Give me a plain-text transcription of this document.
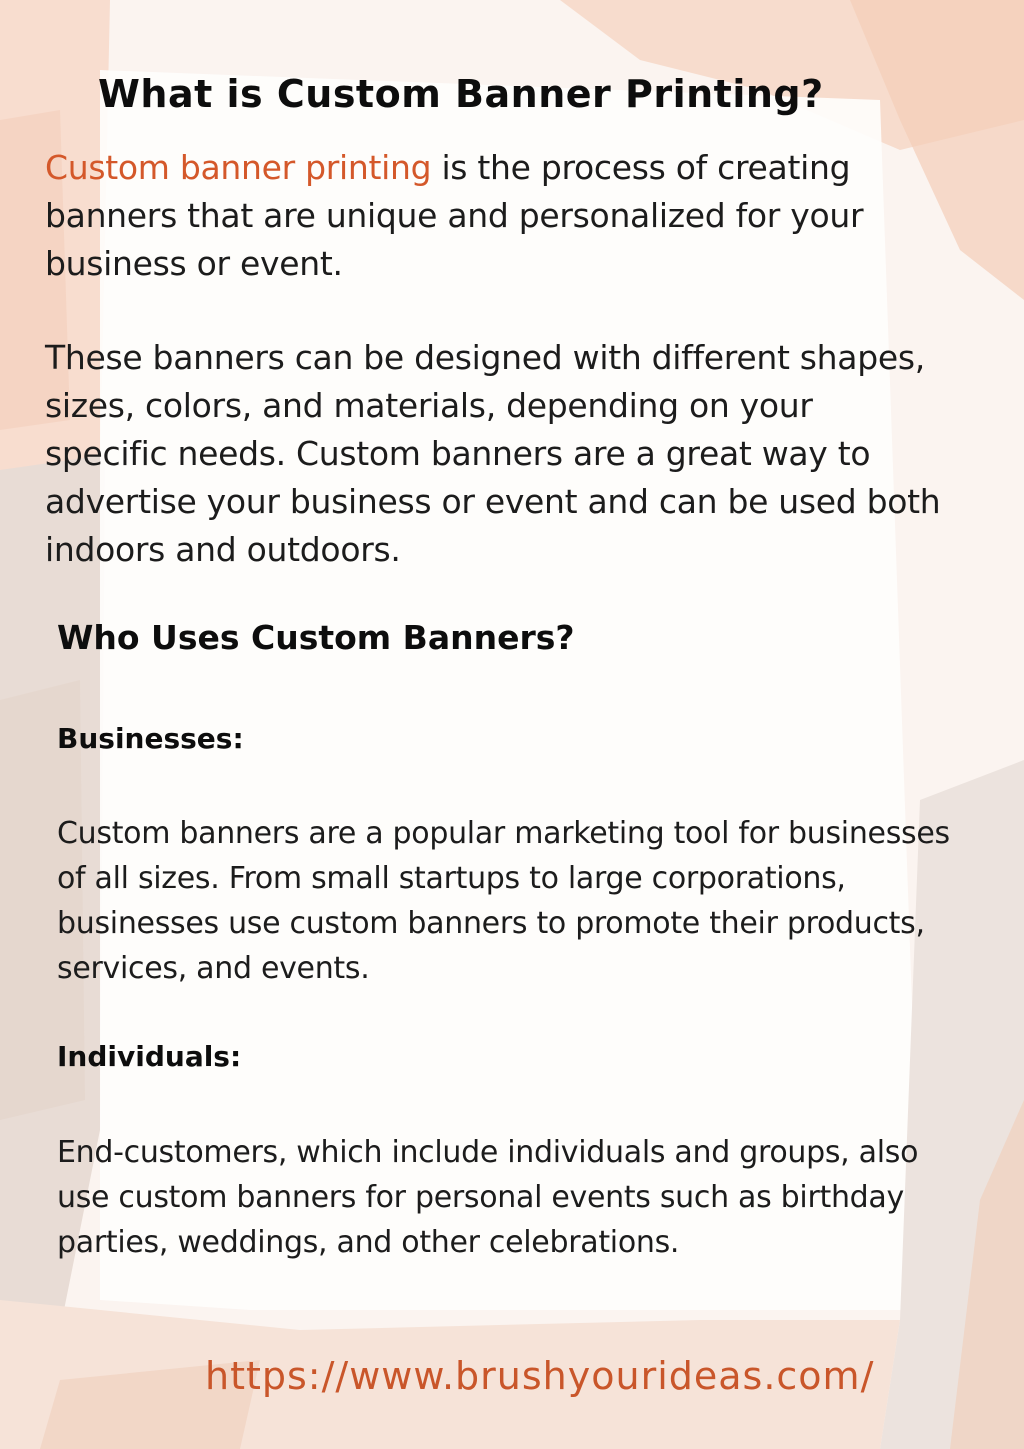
What is Custom Banner Printing?

Custom banner printing is the process of creating banners that are unique and personalized for your business or event.

These banners can be designed with different shapes, sizes, colors, and materials, depending on your specific needs. Custom banners are a great way to advertise your business or event and can be used both indoors and outdoors.

Who Uses Custom Banners?
Businesses:

Custom banners are a popular marketing tool for businesses of all sizes. From small startups to large corporations, businesses use custom banners to promote their products, services, and events.

Individuals:

End-customers, which include individuals and groups, also use custom banners for personal events such as birthday parties, weddings, and other celebrations.

https://www.brushyourideas.com/
